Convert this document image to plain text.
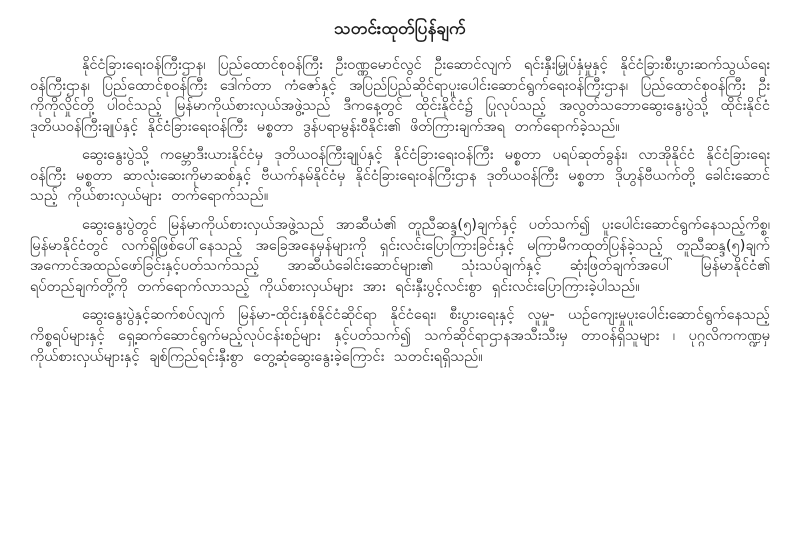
သတင်းထုတ်ပြန်ချက်

နိုင်ငံခြားရေးဝန်ကြီးဌာန၊ ပြည်ထောင်စုဝန်ကြီး ဦးဝဏ္ဏမောင်လွင် ဦးဆောင်လျက် ရင်းနှီးမြှုပ်နှံမှုနှင့် နိုင်ငံခြားစီးပွားဆက်သွယ်ရေးဝန်ကြီးဌာန၊ ပြည်ထောင်စုဝန်ကြီး ဒေါက်တာ ကံဇော်နှင့် အပြည်ပြည်ဆိုင်ရာပူးပေါင်းဆောင်ရွက်ရေးဝန်ကြီးဌာန၊ ပြည်ထောင်စုဝန်ကြီး ဦးကိုကိုလှိုင်တို့ ပါဝင်သည့် မြန်မာကိုယ်စားလှယ်အဖွဲ့သည် ဒီကနေ့တွင် ထိုင်းနိုင်ငံ၌ ပြုလုပ်သည့် အလွတ်သဘောဆွေးနွေးပွဲသို့ ထိုင်းနိုင်ငံဒုတိယဝန်ကြီးချုပ်နှင့် နိုင်ငံခြားရေးဝန်ကြီး မစ္စတာ ဒွန်ပရာမွန်းဝီနိုင်း၏ ဖိတ်ကြားချက်အရ တက်ရောက်ခဲ့သည်။

ဆွေးနွေးပွဲသို့ ကမ္ဘောဒီးယားနိုင်ငံမှ ဒုတိယဝန်ကြီးချုပ်နှင့် နိုင်ငံခြားရေးဝန်ကြီး မစ္စတာ ပရပ်ဆုတ်ခွန်း၊ လာအိုနိုင်ငံ နိုင်ငံခြားရေးဝန်ကြီး မစ္စတာ ဆာလုံးဆေးကိုမာဆစ်နှင့် ဗီယက်နမ်နိုင်ငံမှ နိုင်ငံခြားရေးဝန်ကြီးဌာန ဒုတိယဝန်ကြီး မစ္စတာ ဒိုဟွန်ဗီယက်တို့ ခေါင်းဆောင်သည့် ကိုယ်စားလှယ်များ တက်ရောက်သည်။

ဆွေးနွေးပွဲတွင် မြန်မာကိုယ်စားလှယ်အဖွဲ့သည် အာဆီယံ၏ တူညီဆန္ဒ(၅)ချက်နှင့် ပတ်သက်၍ ပူးပေါင်းဆောင်ရွက်နေသည့်ကိစ္စ၊ မြန်မာနိုင်ငံတွင် လက်ရှိဖြစ်ပေါ်နေသည့် အခြေအနေမှန်များကို ရှင်းလင်းပြောကြားခြင်းနှင့် မကြာမီကထုတ်ပြန်ခဲ့သည့် တူညီဆန္ဒ(၅)ချက် အကောင်အထည်ဖော်ခြင်းနှင့်ပတ်သက်သည့် အာဆီယံခေါင်းဆောင်များ၏ သုံးသပ်ချက်နှင့် ဆုံးဖြတ်ချက်အပေါ် မြန်မာနိုင်ငံ၏ ရပ်တည်ချက်တို့ကို တက်ရောက်လာသည့် ကိုယ်စားလှယ်များ အား ရင်းနှီးပွင့်လင်းစွာ ရှင်းလင်းပြောကြားခဲ့ပါသည်။

ဆွေးနွေးပွဲနှင့်ဆက်စပ်လျက် မြန်မာ-ထိုင်းနှစ်နိုင်ငံဆိုင်ရာ နိုင်ငံရေး၊ စီးပွားရေးနှင့် လူမှု- ယဉ်ကျေးမှုပူးပေါင်းဆောင်ရွက်နေသည့်ကိစ္စရပ်များနှင့် ရှေ့ဆက်ဆောင်ရွက်မည့်လုပ်ငန်းစဉ်များ နှင့်ပတ်သက်၍ သက်ဆိုင်ရာဌာနအသီးသီးမှ တာဝန်ရှိသူများ ၊ ပုဂ္ဂလိကကဏ္ဍမှ ကိုယ်စားလှယ်များနှင့် ချစ်ကြည်ရင်းနှီးစွာ တွေ့ဆုံဆွေးနွေးခဲ့ကြောင်း သတင်းရရှိသည်။
